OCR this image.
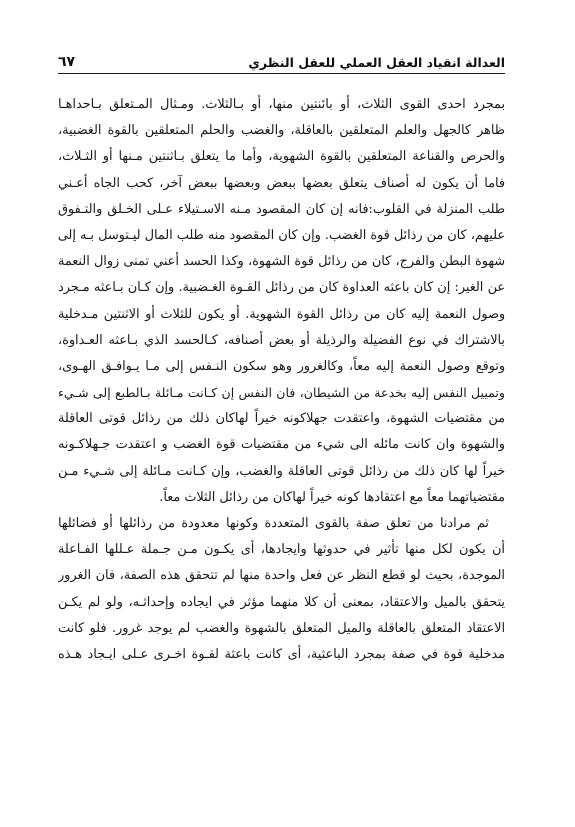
العدالة انقياد العقل العملي للعقل النظري
٦٧
بمجرد احدى القوى الثلاث، أو بائنتين منها، أو بـالثلاث. ومـثال المـتعلق بـاحداهـا
ظاهر كالجهل والعلم المتعلقين بالعاقلة، والغضب والحلم المتعلقين بالقوة الغضبية،
والحرص والقناعة المتعلقين بالقوة الشهوية، وأما ما يتعلق بـاثنتين مـنها أو الثـلاث،
فاما أن يكون له أصناف يتعلق بعضها ببعض وبعضها ببعض آخر، كحب الجاه أعـني
طلب المنزلة في القلوب:فانه إن كان المقصود مـنه الاسـتيلاء عـلى الخـلق والتـفوق
عليهم، كان من رذائل قوة الغضب. وإن كان المقصود منه طلب المال ليـتوسل بـه إلى
شهوة البطن والفرج، كان من رذائل قوة الشهوة، وكذا الحسد أعني تمنى زوال النعمة
عن الغير: إن كان باعثه العداوة كان من رذائل القـوة الغـضبية. وإن كـان بـاعثه مـجرد
وصول النعمة إليه كان من رذائل القوة الشهوية. أو يكون للثلاث أو الاثنتين مـدخلية
بالاشتراك في نوع الفضيلة والرذيلة أو بعض أصنافه، كـالحسد الذي بـاعثه العـداوة،
وتوقع وصول النعمة إليه معاً، وكالغرور وهو سكون النـفس إلى مـا يـوافـق الهـوى،
وتمييل النفس إليه بخدعة من الشيطان، فان النفس إن كـانت مـائلة بـالطبع إلى شـيء
من مقتضيات الشهوة، واعتقدت جهلاكونه خيراً لهاكان ذلك من رذائل قوتى العاقلة
والشهوة وان كانت مائله الى شيء من مقتضيات قوة الغضب و اعتقدت جـهلاكـونه
خيراً لها كان ذلك من رذائل قوتى العاقلة والغضب، وإن كـانت مـائلة إلى شـيء مـن
مقتضياتهما معاً مع اعتقادها كونه خيراً لهاكان من رذائل الثلاث معاً.
ثم مرادنا من تعلق صفة بالقوى المتعددة وكونها معدودة من رذائلها أو فضائلها
أن يكون لكل منها تأثير في حدوثها وايجادها، أى يكـون مـن جـملة عـللها الفـاعلة
الموجدة، بحيث لو قطع النظر عن فعل واحدة منها لم تتحقق هذه الصفة، فان الغرور
يتحقق بالميل والاعتقاد، بمعنى أن كلا منهما مؤثر في ايجاده وإحداثـه، ولو لم يكـن
الاعتقاد المتعلق بالعاقلة والميل المتعلق بالشهوة والغضب لم يوجد غرور. فلو كانت
مدخلية قوة في صفة بمجرد الباعثية، أى كانت باعثة لقـوة اخـرى عـلى ايـجاد هـذه
